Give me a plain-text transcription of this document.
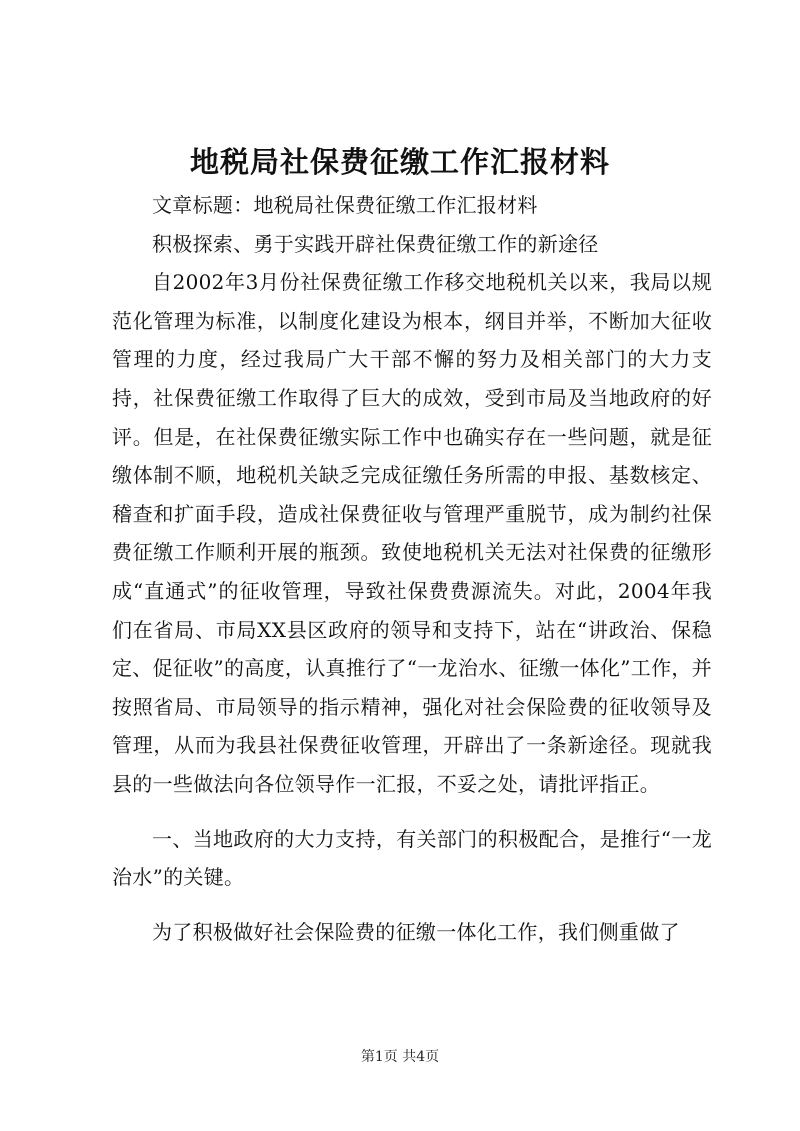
地税局社保费征缴工作汇报材料

文章标题：地税局社保费征缴工作汇报材料

积极探索、勇于实践开辟社保费征缴工作的新途径

自2002年3月份社保费征缴工作移交地税机关以来，我局以规范化管理为标准，以制度化建设为根本，纲目并举，不断加大征收管理的力度，经过我局广大干部不懈的努力及相关部门的大力支持，社保费征缴工作取得了巨大的成效，受到市局及当地政府的好评。但是，在社保费征缴实际工作中也确实存在一些问题，就是征缴体制不顺，地税机关缺乏完成征缴任务所需的申报、基数核定、稽查和扩面手段，造成社保费征收与管理严重脱节，成为制约社保费征缴工作顺利开展的瓶颈。致使地税机关无法对社保费的征缴形成“直通式”的征收管理，导致社保费费源流失。对此，2004年我们在省局、市局XX县区政府的领导和支持下，站在“讲政治、保稳定、促征收”的高度，认真推行了“一龙治水、征缴一体化”工作，并按照省局、市局领导的指示精神，强化对社会保险费的征收领导及管理，从而为我县社保费征收管理，开辟出了一条新途径。现就我县的一些做法向各位领导作一汇报，不妥之处，请批评指正。

一、当地政府的大力支持，有关部门的积极配合，是推行“一龙治水”的关键。

为了积极做好社会保险费的征缴一体化工作，我们侧重做了

第1页 共4页
